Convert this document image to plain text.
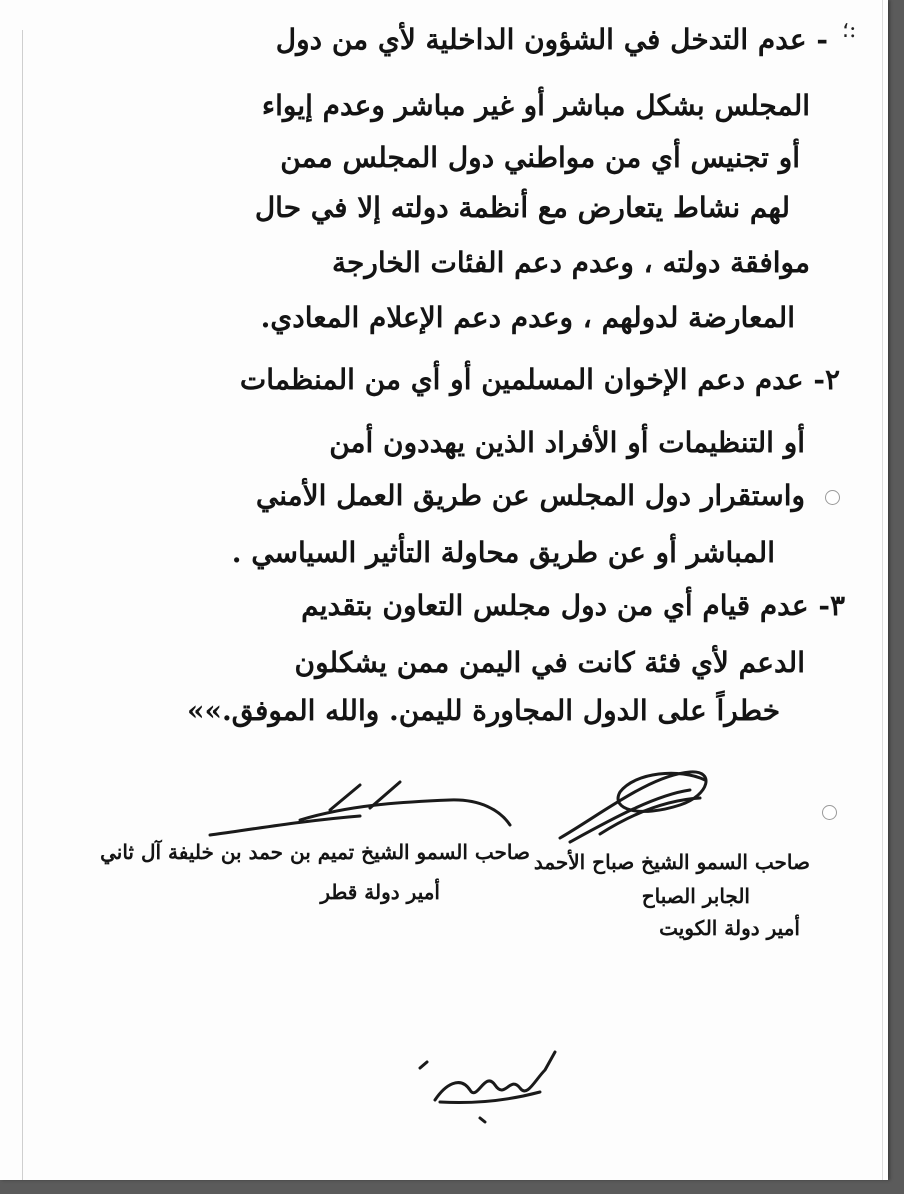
؛:
- عدم التدخل في الشؤون الداخلية لأي من دول
المجلس بشكل مباشر أو غير مباشر وعدم إيواء
أو تجنيس أي من مواطني دول المجلس ممن
لهم نشاط يتعارض مع أنظمة دولته إلا في حال
موافقة دولته ، وعدم دعم الفئات الخارجة
المعارضة لدولهم ، وعدم دعم الإعلام المعادي.
٢- عدم دعم الإخوان المسلمين أو أي من المنظمات
أو التنظيمات أو الأفراد الذين يهددون أمن
واستقرار دول المجلس عن طريق العمل الأمني
المباشر أو عن طريق محاولة التأثير السياسي .
٣- عدم قيام أي من دول مجلس التعاون بتقديم
الدعم لأي فئة كانت في اليمن ممن يشكلون
خطراً على الدول المجاورة لليمن. والله الموفق.»»
صاحب السمو الشيخ تميم بن حمد بن خليفة آل ثاني
أمير دولة قطر
صاحب السمو الشيخ صباح الأحمد
الجابر الصباح
أمير دولة الكويت
